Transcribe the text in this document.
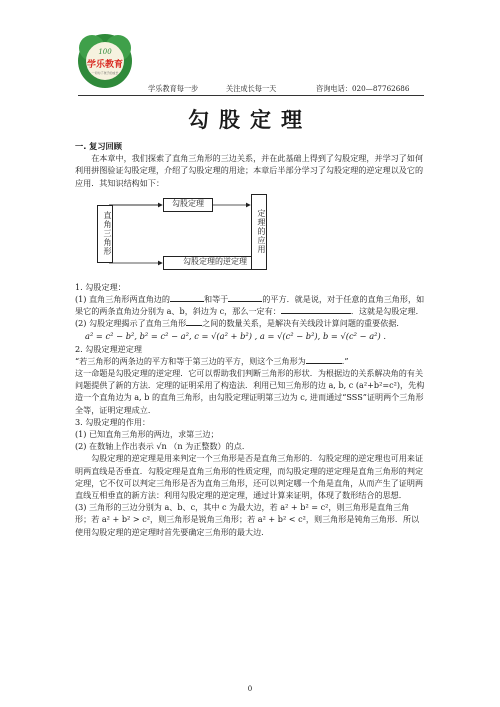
100
学乐教育
一切为了孩子的成长
学乐教育每一步	关注成长每一天	咨询电话：020—87762686
勾股定理

一. 复习回顾

在本章中，我们探索了直角三角形的三边关系，并在此基础上得到了勾股定理，并学习了如何利用拼图验证勾股定理，介绍了勾股定理的用途；本章后半部分学习了勾股定理的逆定理以及它的应用．其知识结构如下：

直角三角形
勾股定理
勾股定理的逆定理
定理的应用

1. 勾股定理：

(1) 直角三角形两直角边的	和等于	的平方．就是说，对于任意的直角三角形，如果它的两条直角边分别为 a、b，斜边为 c，那么一定有：	．这就是勾股定理．

(2) 勾股定理揭示了直角三角形 之间的数量关系，是解决有关线段计算问题的重要依据．

a² = c² − b², b² = c² − a², c = √(a² + b²) , a = √(c² − b²), b = √(c² − a²) .

2. 勾股定理逆定理

“若三角形的两条边的平方和等于第三边的平方，则这个三角形为	.”

这一命题是勾股定理的逆定理．它可以帮助我们判断三角形的形状．为根据边的关系解决角的有关问题提供了新的方法．定理的证明采用了构造法．利用已知三角形的边 a, b, c (a²+b²=c²)，先构造一个直角边为 a, b 的直角三角形，由勾股定理证明第三边为 c, 进而通过“SSS”证明两个三角形全等，证明定理成立．

3. 勾股定理的作用：

(1) 已知直角三角形的两边，求第三边；

(2) 在数轴上作出表示 √n （n 为正整数）的点．

勾股定理的逆定理是用来判定一个三角形是否是直角三角形的．勾股定理的逆定理也可用来证明两直线是否垂直．勾股定理是直角三角形的性质定理，而勾股定理的逆定理是直角三角形的判定定理，它不仅可以判定三角形是否为直角三角形，还可以判定哪一个角是直角，从而产生了证明两直线互相垂直的新方法：利用勾股定理的逆定理，通过计算来证明，体现了数形结合的思想．

(3) 三角形的三边分别为 a、b、c，其中 c 为最大边，若 a² + b² = c²，则三角形是直角三角形；若 a² + b² > c²，则三角形是锐角三角形；若 a² + b² < c²，则三角形是钝角三角形．所以使用勾股定理的逆定理时首先要确定三角形的最大边．

0
